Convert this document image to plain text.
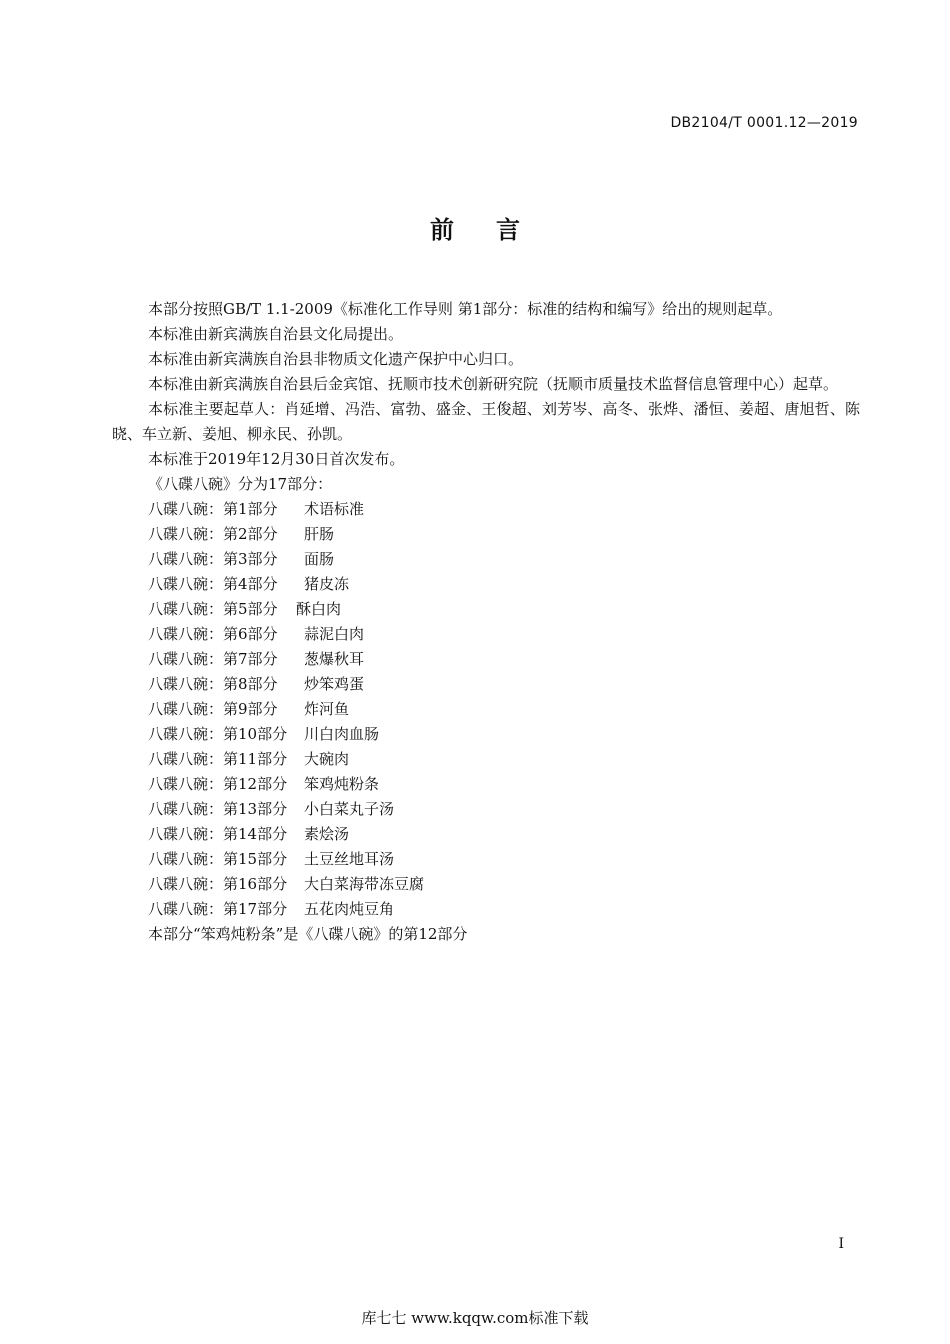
DB2104/T 0001.12—2019
前言

本部分按照GB/T 1.1-2009《标准化工作导则 第1部分：标准的结构和编写》给出的规则起草。

本标准由新宾满族自治县文化局提出。

本标准由新宾满族自治县非物质文化遗产保护中心归口。

本标准由新宾满族自治县后金宾馆、抚顺市技术创新研究院（抚顺市质量技术监督信息管理中心）起草。

本标准主要起草人：肖延增、冯浩、富勃、盛金、王俊超、刘芳岑、高冬、张烨、潘恒、姜超、唐旭哲、陈晓、车立新、姜旭、柳永民、孙凯。

本标准于2019年12月30日首次发布。

《八碟八碗》分为17部分：

八碟八碗：第1部分 术语标准
八碟八碗：第2部分 肝肠
八碟八碗：第3部分 面肠
八碟八碗：第4部分 猪皮冻
八碟八碗：第5部分 酥白肉
八碟八碗：第6部分 蒜泥白肉
八碟八碗：第7部分 葱爆秋耳
八碟八碗：第8部分 炒笨鸡蛋
八碟八碗：第9部分 炸河鱼
八碟八碗：第10部分 川白肉血肠
八碟八碗：第11部分 大碗肉
八碟八碗：第12部分 笨鸡炖粉条
八碟八碗：第13部分 小白菜丸子汤
八碟八碗：第14部分 素烩汤
八碟八碗：第15部分 土豆丝地耳汤
八碟八碗：第16部分 大白菜海带冻豆腐
八碟八碗：第17部分 五花肉炖豆角

本部分“笨鸡炖粉条”是《八碟八碗》的第12部分

I
库七七 www.kqqw.com标准下载
